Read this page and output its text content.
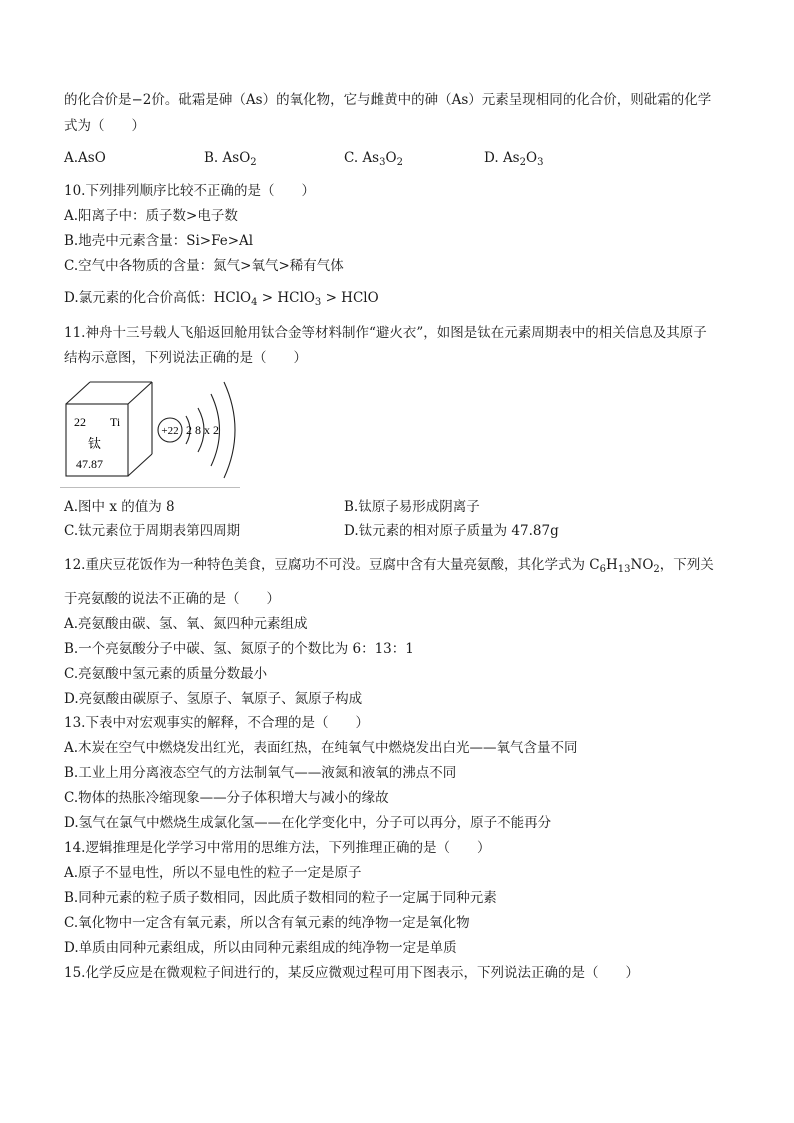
的化合价是−2价。砒霜是砷（As）的氧化物，它与雌黄中的砷（As）元素呈现相同的化合价，则砒霜的化学
式为（　　）
A.AsO	B. AsO$_2$	C. $As_3O_2$	D. $As_2O_3$
10.下列排列顺序比较不正确的是（　　）
A.阳离子中：质子数>电子数
B.地壳中元素含量：Si>Fe>Al
C.空气中各物质的含量：氮气>氧气>稀有气体
D.氯元素的化合价高低：HClO$_4$ > HClO$_3$ > HClO
11.神舟十三号载人飞船返回舱用钛合金等材料制作“避火衣”，如图是钛在元素周期表中的相关信息及其原子
结构示意图，下列说法正确的是（　　）
22 Ti
钛
47.87
+22 2 8 x 2
A.图中 x 的值为 8	B.钛原子易形成阴离子
C.钛元素位于周期表第四周期	D.钛元素的相对原子质量为 47.87g
12.重庆豆花饭作为一种特色美食，豆腐功不可没。豆腐中含有大量亮氨酸，其化学式为 $C_6H_{13}NO_2$，下列关
于亮氨酸的说法不正确的是（　　）
A.亮氨酸由碳、氢、氧、氮四种元素组成
B.一个亮氨酸分子中碳、氢、氮原子的个数比为 6：13：1
C.亮氨酸中氢元素的质量分数最小
D.亮氨酸由碳原子、氢原子、氧原子、氮原子构成
13.下表中对宏观事实的解释，不合理的是（　　）
A.木炭在空气中燃烧发出红光，表面红热，在纯氧气中燃烧发出白光——氧气含量不同
B.工业上用分离液态空气的方法制氧气——液氮和液氧的沸点不同
C.物体的热胀冷缩现象——分子体积增大与减小的缘故
D.氢气在氯气中燃烧生成氯化氢——在化学变化中，分子可以再分，原子不能再分
14.逻辑推理是化学学习中常用的思维方法，下列推理正确的是（　　）
A.原子不显电性，所以不显电性的粒子一定是原子
B.同种元素的粒子质子数相同，因此质子数相同的粒子一定属于同种元素
C.氧化物中一定含有氧元素，所以含有氧元素的纯净物一定是氧化物
D.单质由同种元素组成，所以由同种元素组成的纯净物一定是单质
15.化学反应是在微观粒子间进行的，某反应微观过程可用下图表示，下列说法正确的是（　　）
